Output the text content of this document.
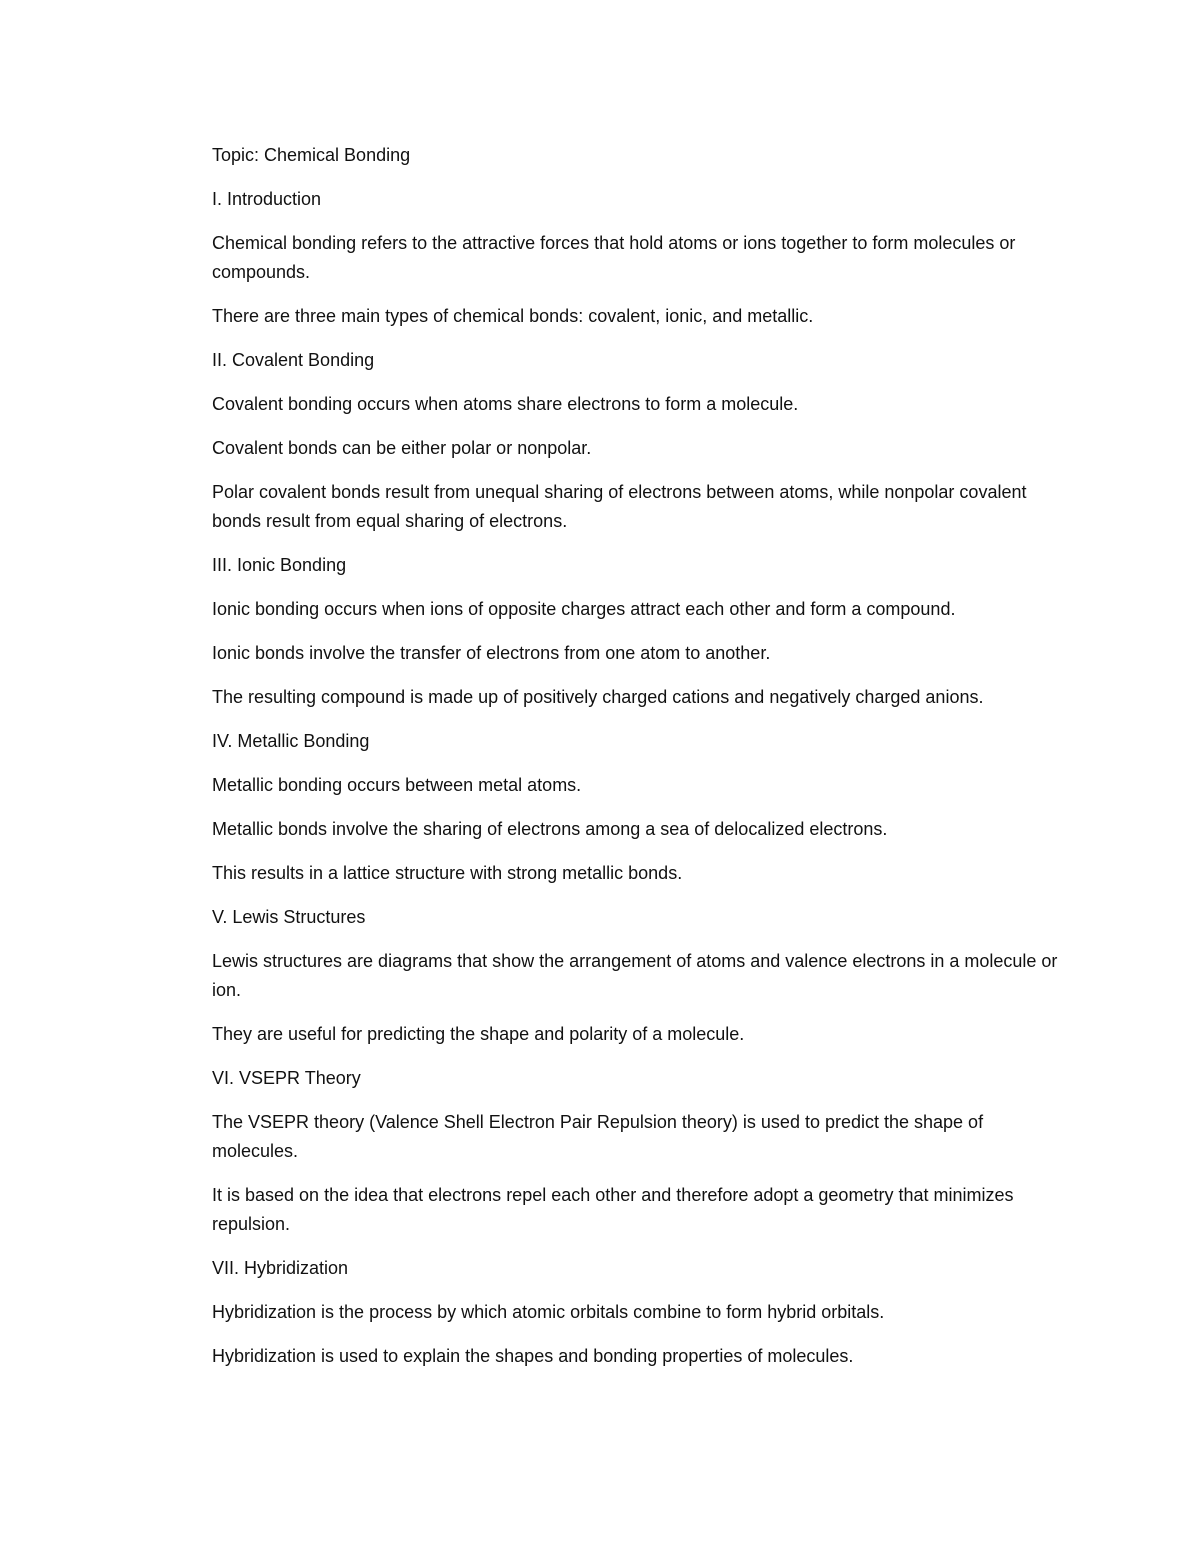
Topic: Chemical Bonding

I. Introduction

Chemical bonding refers to the attractive forces that hold atoms or ions together to form molecules or compounds.

There are three main types of chemical bonds: covalent, ionic, and metallic.

II. Covalent Bonding

Covalent bonding occurs when atoms share electrons to form a molecule.

Covalent bonds can be either polar or nonpolar.

Polar covalent bonds result from unequal sharing of electrons between atoms, while nonpolar covalent bonds result from equal sharing of electrons.

III. Ionic Bonding

Ionic bonding occurs when ions of opposite charges attract each other and form a compound.

Ionic bonds involve the transfer of electrons from one atom to another.

The resulting compound is made up of positively charged cations and negatively charged anions.

IV. Metallic Bonding

Metallic bonding occurs between metal atoms.

Metallic bonds involve the sharing of electrons among a sea of delocalized electrons.

This results in a lattice structure with strong metallic bonds.

V. Lewis Structures

Lewis structures are diagrams that show the arrangement of atoms and valence electrons in a molecule or ion.

They are useful for predicting the shape and polarity of a molecule.

VI. VSEPR Theory

The VSEPR theory (Valence Shell Electron Pair Repulsion theory) is used to predict the shape of molecules.

It is based on the idea that electrons repel each other and therefore adopt a geometry that minimizes repulsion.

VII. Hybridization

Hybridization is the process by which atomic orbitals combine to form hybrid orbitals.

Hybridization is used to explain the shapes and bonding properties of molecules.
